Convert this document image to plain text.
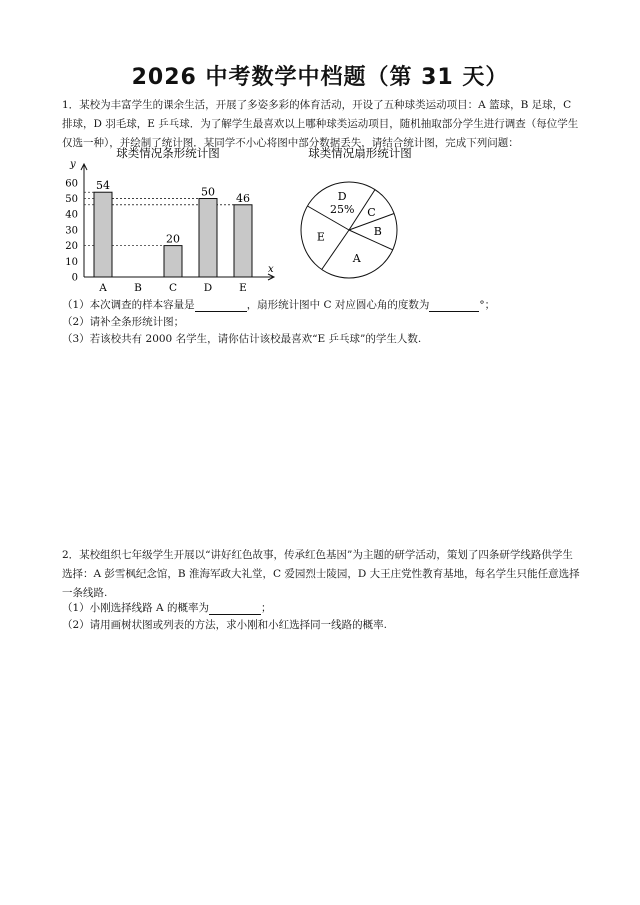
2026 中考数学中档题（第 31 天）
1．某校为丰富学生的课余生活，开展了多姿多彩的体育活动，开设了五种球类运动项目：A 篮球，B 足球，C 排球，D 羽毛球，E 乒乓球．为了解学生最喜欢以上哪种球类运动项目，随机抽取部分学生进行调查（每位学生仅选一种），并绘制了统计图．某同学不小心将图中部分数据丢失，请结合统计图，完成下列问题：
球类情况条形统计图
y
x
0
10
20
30
40
50
60 54
A	B
20
C
50
D
46
E
球类情况扇形统计图
D
25% C
B
A
E
（1）本次调查的样本容量是	，扇形统计图中 C 对应圆心角的度数为	°；
（2）请补全条形统计图；
（3）若该校共有 2000 名学生，请你估计该校最喜欢“E 乒乓球”的学生人数.
2．某校组织七年级学生开展以“讲好红色故事，传承红色基因”为主题的研学活动，策划了四条研学线路供学生选择：A 彭雪枫纪念馆，B 淮海军政大礼堂，C 爱园烈士陵园，D 大王庄党性教育基地，每名学生只能任意选择一条线路.
（1）小刚选择线路 A 的概率为	；
（2）请用画树状图或列表的方法，求小刚和小红选择同一线路的概率.
